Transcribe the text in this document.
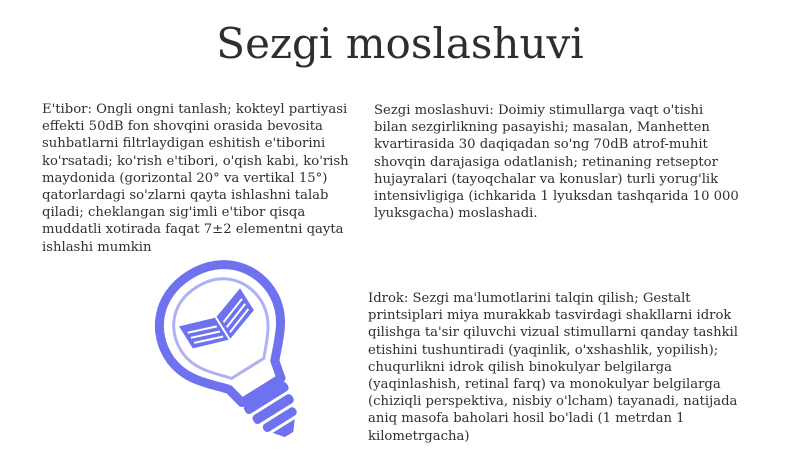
Sezgi moslashuvi

E'tibor: Ongli ongni tanlash; kokteyl partiyasi effekti 50dB fon shovqini orasida bevosita suhbatlarni filtrlaydigan eshitish e'tiborini ko'rsatadi; ko'rish e'tibori, o'qish kabi, ko'rish maydonida (gorizontal 20° va vertikal 15°) qatorlardagi so'zlarni qayta ishlashni talab qiladi; cheklangan sig'imli e'tibor qisqa muddatli xotirada faqat 7±2 elementni qayta ishlashi mumkin

Sezgi moslashuvi: Doimiy stimullarga vaqt o'tishi bilan sezgirlikning pasayishi; masalan, Manhetten kvartirasida 30 daqiqadan so'ng 70dB atrof-muhit shovqin darajasiga odatlanish; retinaning retseptor hujayralari (tayoqchalar va konuslar) turli yorug'lik intensivligiga (ichkarida 1 lyuksdan tashqarida 10 000 lyuksgacha) moslashadi.

Idrok: Sezgi ma'lumotlarini talqin qilish; Gestalt printsiplari miya murakkab tasvirdagi shakllarni idrok qilishga ta'sir qiluvchi vizual stimullarni qanday tashkil etishini tushuntiradi (yaqinlik, o'xshashlik, yopilish); chuqurlikni idrok qilish binokulyar belgilarga (yaqinlashish, retinal farq) va monokulyar belgilarga (chiziqli perspektiva, nisbiy o'lcham) tayanadi, natijada aniq masofa baholari hosil bo'ladi (1 metrdan 1 kilometrgacha)
